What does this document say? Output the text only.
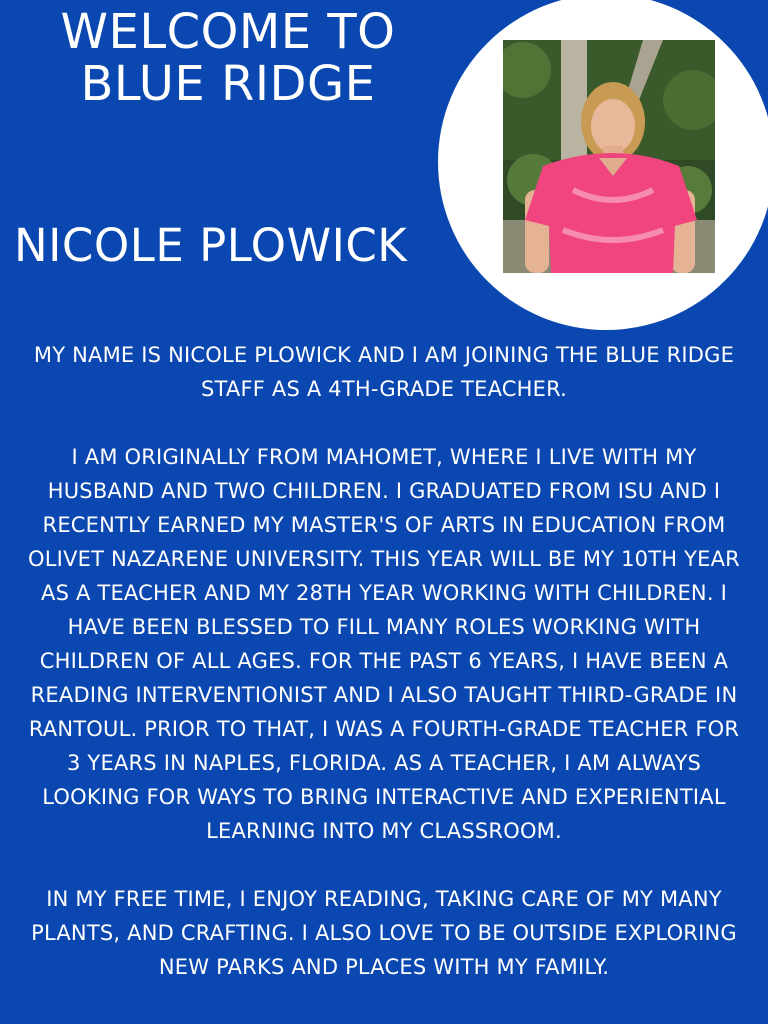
WELCOME TO
BLUE RIDGE
NICOLE PLOWICK

MY NAME IS NICOLE PLOWICK AND I AM JOINING THE BLUE RIDGE STAFF AS A 4TH-GRADE TEACHER.

I AM ORIGINALLY FROM MAHOMET, WHERE I LIVE WITH MY HUSBAND AND TWO CHILDREN. I GRADUATED FROM ISU AND I RECENTLY EARNED MY MASTER'S OF ARTS IN EDUCATION FROM OLIVET NAZARENE UNIVERSITY. THIS YEAR WILL BE MY 10TH YEAR AS A TEACHER AND MY 28TH YEAR WORKING WITH CHILDREN. I HAVE BEEN BLESSED TO FILL MANY ROLES WORKING WITH CHILDREN OF ALL AGES. FOR THE PAST 6 YEARS, I HAVE BEEN A READING INTERVENTIONIST AND I ALSO TAUGHT THIRD-GRADE IN RANTOUL. PRIOR TO THAT, I WAS A FOURTH-GRADE TEACHER FOR 3 YEARS IN NAPLES, FLORIDA. AS A TEACHER, I AM ALWAYS LOOKING FOR WAYS TO BRING INTERACTIVE AND EXPERIENTIAL LEARNING INTO MY CLASSROOM.

IN MY FREE TIME, I ENJOY READING, TAKING CARE OF MY MANY PLANTS, AND CRAFTING. I ALSO LOVE TO BE OUTSIDE EXPLORING NEW PARKS AND PLACES WITH MY FAMILY.
